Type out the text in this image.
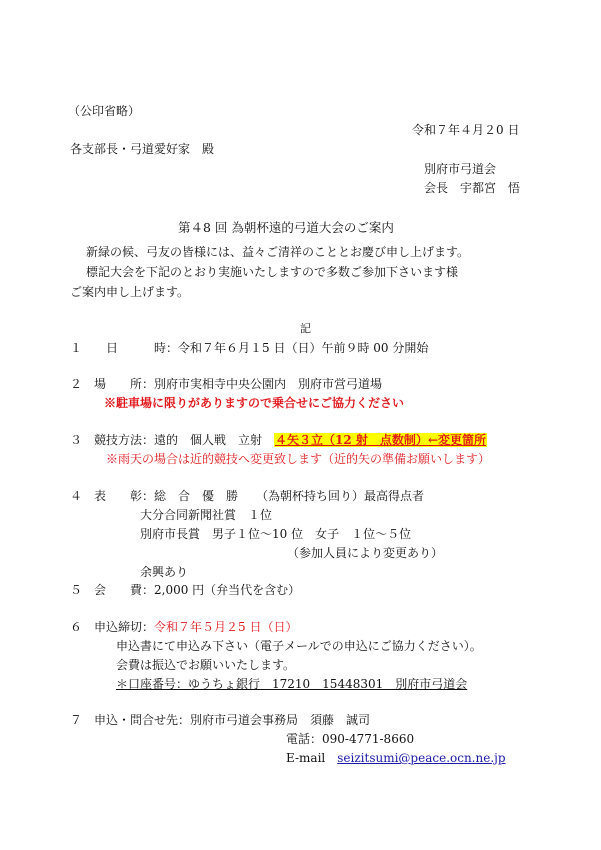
（公印省略）
令和７年４月２0 日
各支部長・弓道愛好家　殿
別府市弓道会
会長　宇都宮　悟
第４8 回 為朝杯遠的弓道大会のご案内
新緑の候、弓友の皆様には、益々ご清祥のこととお慶び申し上げます。
標記大会を下記のとおり実施いたしますので多数ご参加下さいます様
ご案内申し上げます。
記
１　　日　　　時：令和７年６月１5 日（日）午前９時 00 分開始
２　場　　所：別府市実相寺中央公園内　別府市営弓道場
※駐車場に限りがありますので乗合せにご協力ください
３　競技方法：遠的　個人戦　立射　４矢３立（12 射　点数制）←変更箇所
※雨天の場合は近的競技へ変更致します（近的矢の準備お願いします）
４　表　　彰：総　合　優　勝　　（為朝杯持ち回り）最高得点者
大分合同新聞社賞　１位
別府市長賞　男子１位～10 位　女子　１位～５位
（参加人員により変更あり）
余興あり
５　会　　費：2,000 円（弁当代を含む）
６　申込締切：令和７年５月２5 日（日）
申込書にて申込み下さい（電子メールでの申込にご協力ください）。
会費は振込でお願いいたします。
＊口座番号：ゆうちょ銀行　17210　15448301　別府市弓道会
７　申込・問合せ先：別府市弓道会事務局　須藤　誠司
電話：090-4771-8660
E-mail　seizitsumi@peace.ocn.ne.jp
